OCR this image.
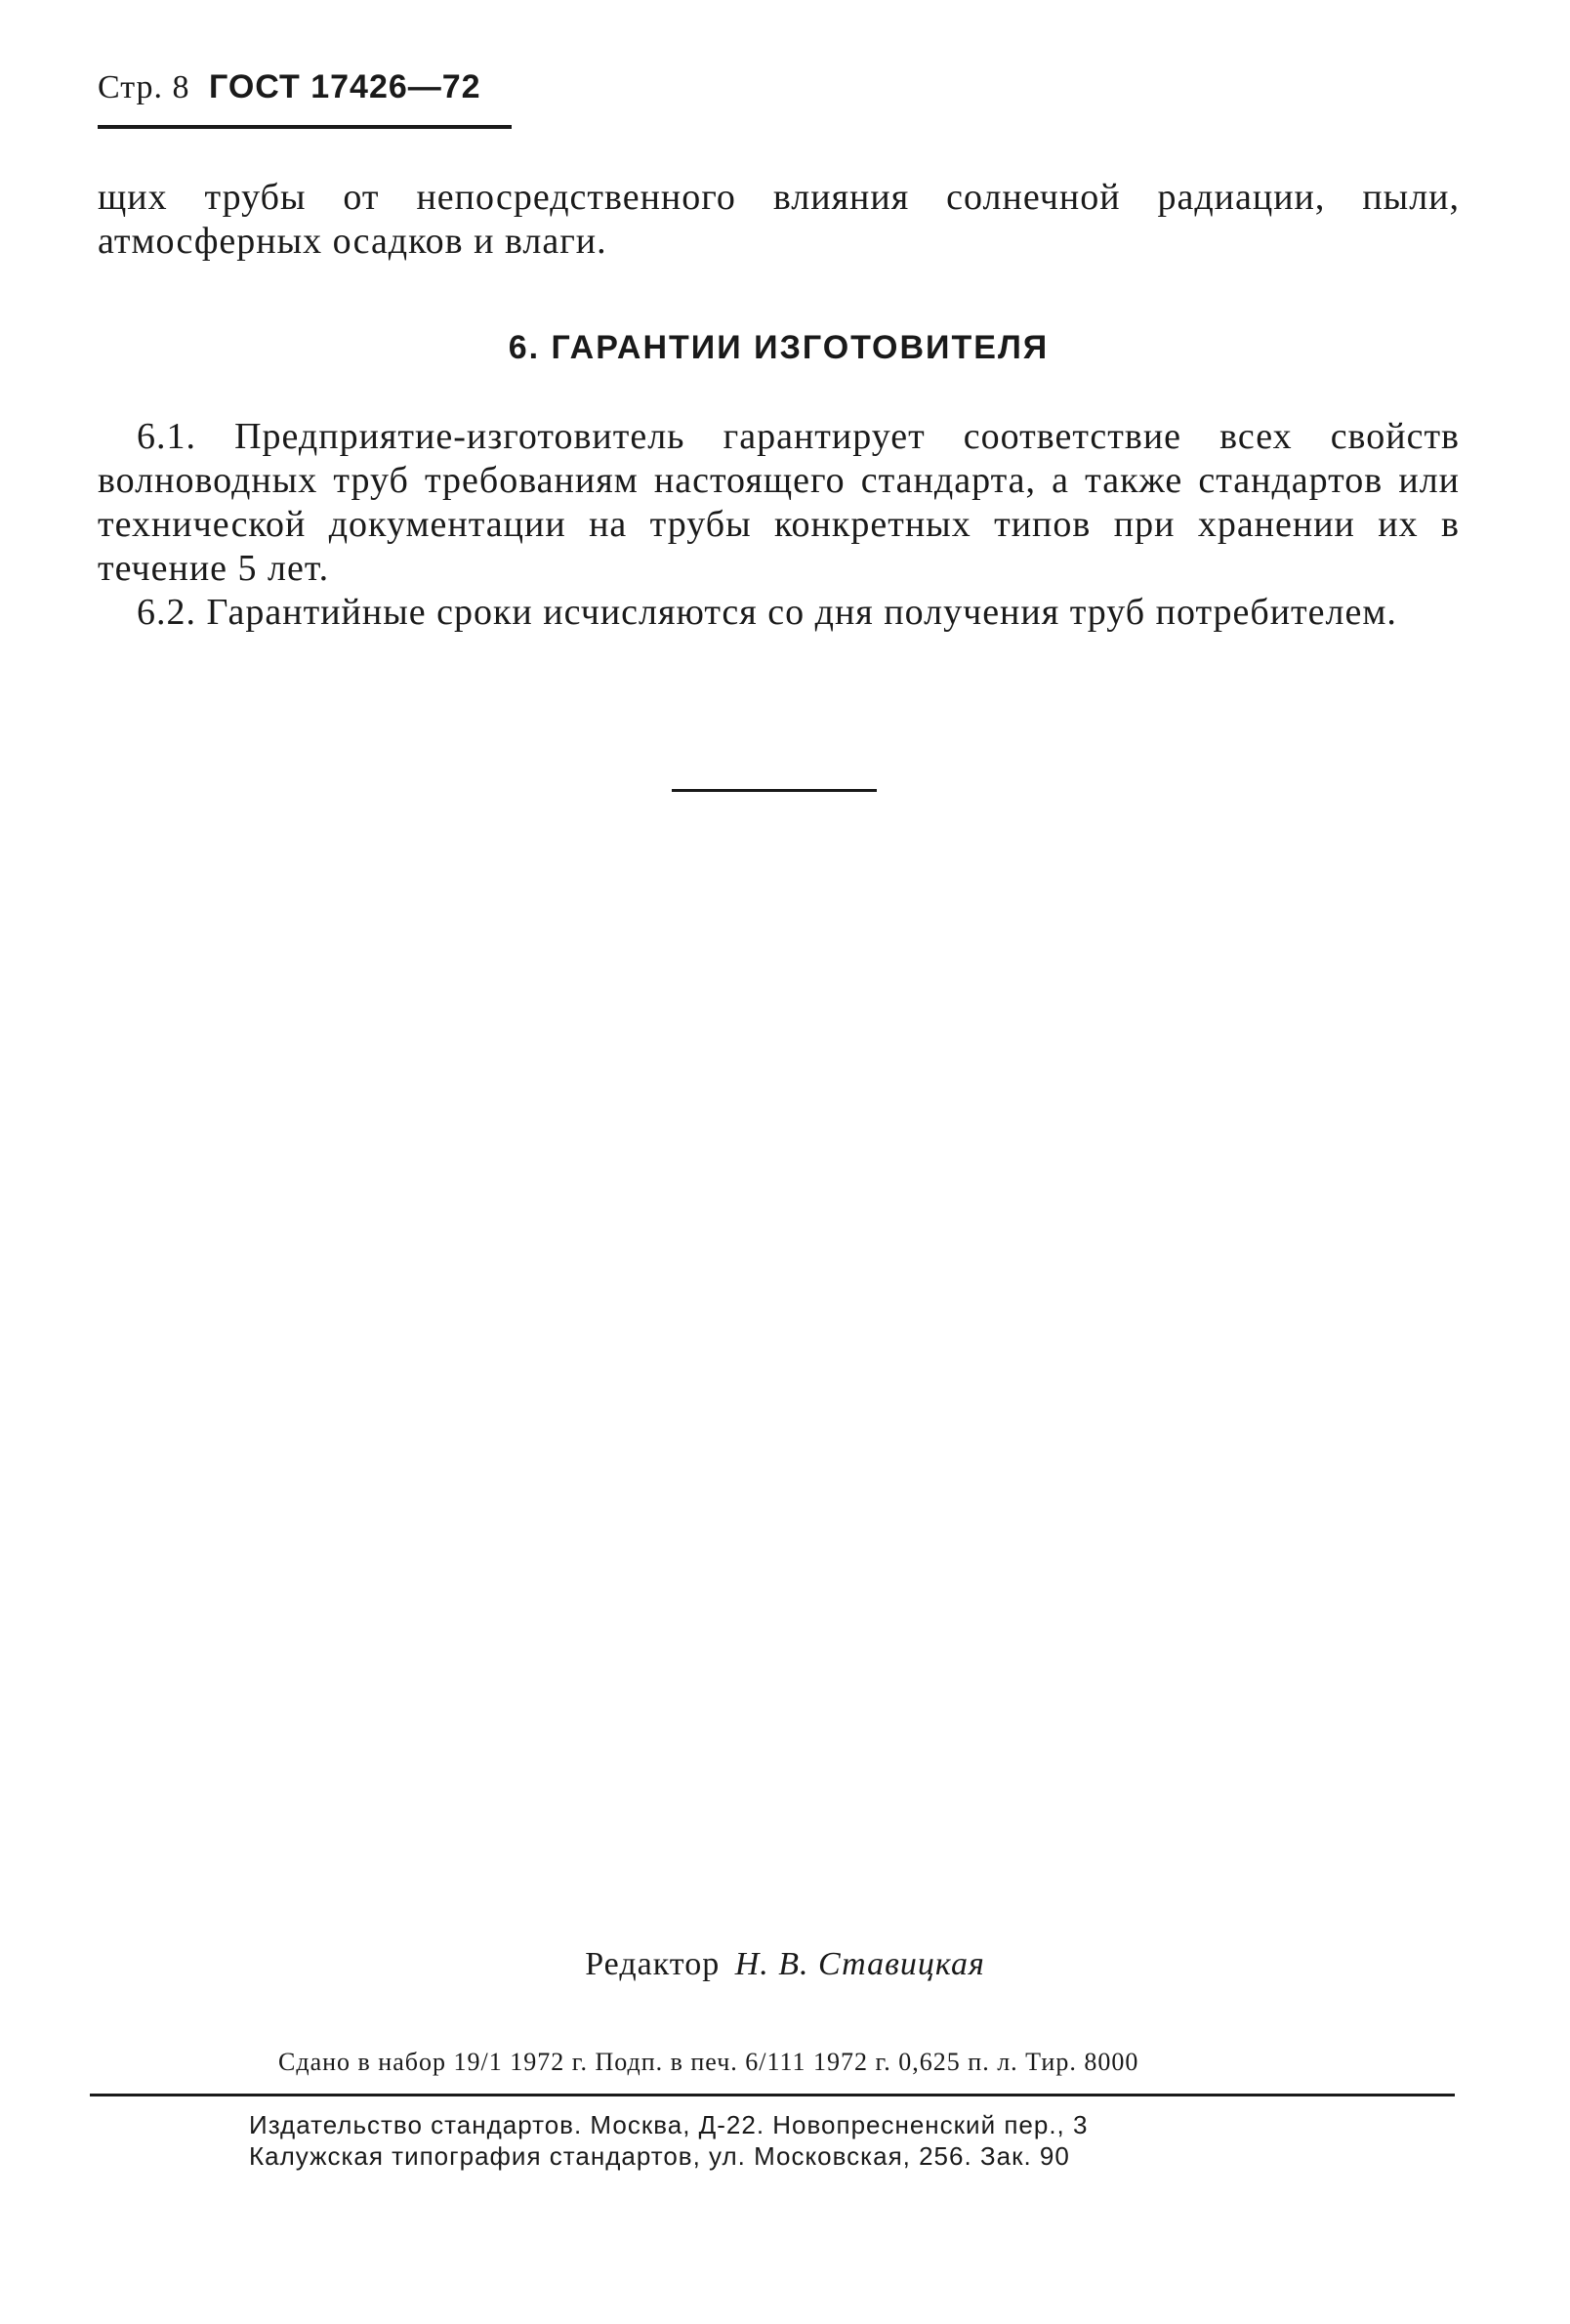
Стр. 8 ГОСТ 17426—72

щих трубы от непосредственного влияния солнечной радиации, пыли, атмосферных осадков и влаги.

6. ГАРАНТИИ ИЗГОТОВИТЕЛЯ

6.1. Предприятие-изготовитель гарантирует соответствие всех свойств волноводных труб требованиям настоящего стандарта, а также стандартов или технической документации на трубы конкретных типов при хранении их в течение 5 лет.

6.2. Гарантийные сроки исчисляются со дня получения труб потребителем.

Редактор Н. В. Ставицкая
Сдано в набор 19/1 1972 г. Подп. в печ. 6/111 1972 г. 0,625 п. л. Тир. 8000
Издательство стандартов. Москва, Д-22. Новопресненский пер., 3
Калужская типография стандартов, ул. Московская, 256. Зак. 90
